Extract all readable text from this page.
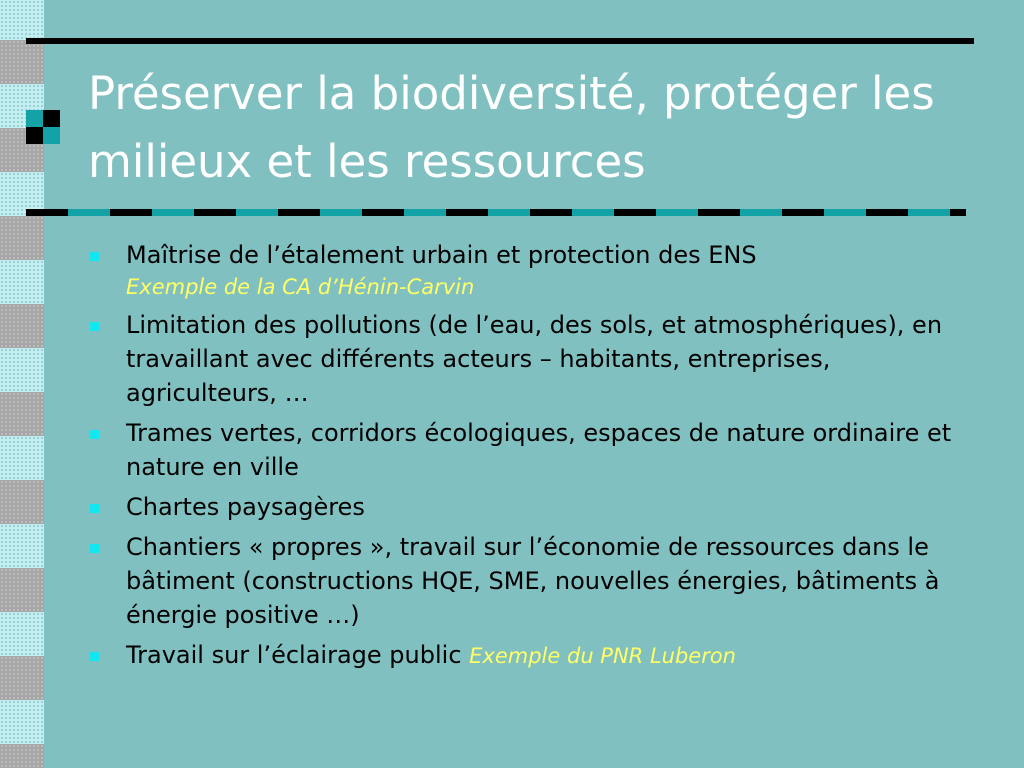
Préserver la biodiversité, protéger les milieux et les ressources
Maîtrise de l’étalement urbain et protection des ENS
Exemple de la CA d’Hénin-Carvin
Limitation des pollutions (de l’eau, des sols, et atmosphériques), en travaillant avec différents acteurs – habitants, entreprises, agriculteurs, …
Trames vertes, corridors écologiques, espaces de nature ordinaire et nature en ville
Chartes paysagères
Chantiers « propres », travail sur l’économie de ressources dans le bâtiment (constructions HQE, SME, nouvelles énergies, bâtiments à énergie positive …)
Travail sur l’éclairage public Exemple du PNR Luberon
